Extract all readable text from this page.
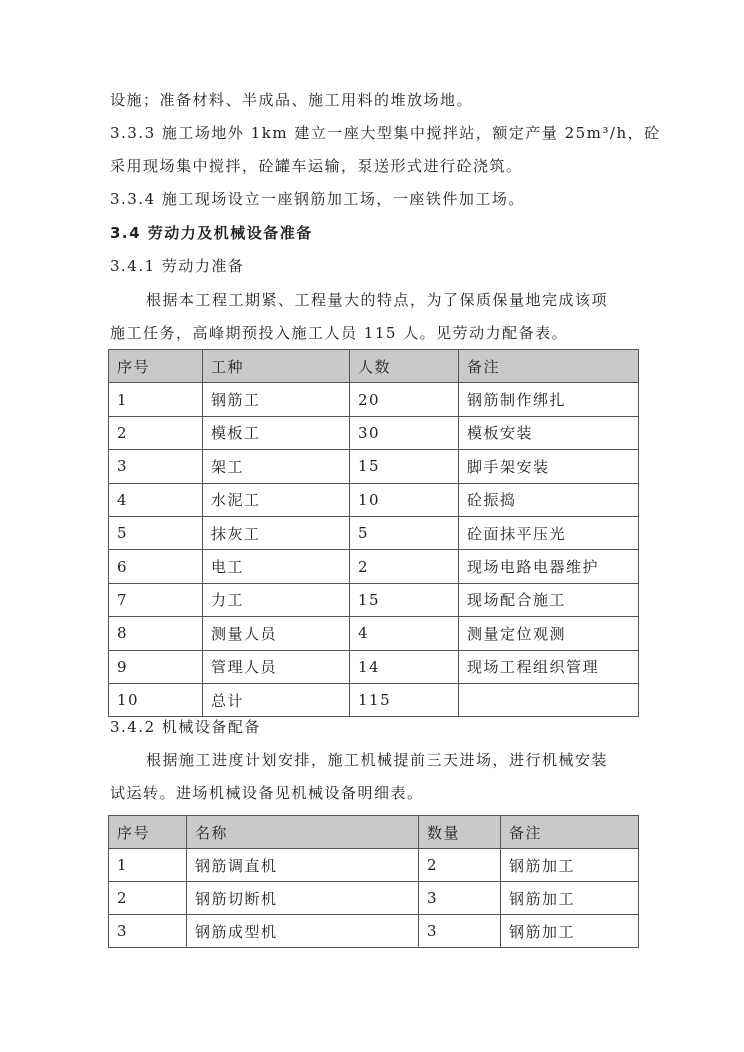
设施；准备材料、半成品、施工用料的堆放场地。
3.3.3 施工场地外 1km 建立一座大型集中搅拌站，额定产量 25m³/h，砼
采用现场集中搅拌，砼罐车运输，泵送形式进行砼浇筑。
3.3.4 施工现场设立一座钢筋加工场，一座铁件加工场。
3.4 劳动力及机械设备准备
3.4.1 劳动力准备
根据本工程工期紧、工程量大的特点，为了保质保量地完成该项
施工任务，高峰期预投入施工人员 115 人。见劳动力配备表。
序号	工种	人数	备注
1	钢筋工	20	钢筋制作绑扎
2	模板工	30	模板安装
3	架工	15	脚手架安装
4	水泥工	10	砼振捣
5	抹灰工	5	砼面抹平压光
6	电工	2	现场电路电器维护
7	力工	15	现场配合施工
8	测量人员	4	测量定位观测
9	管理人员	14	现场工程组织管理
10	总计	115	
3.4.2 机械设备配备
根据施工进度计划安排，施工机械提前三天进场，进行机械安装
试运转。进场机械设备见机械设备明细表。
序号	名称	数量	备注
1	钢筋调直机	2	钢筋加工
2	钢筋切断机	3	钢筋加工
3	钢筋成型机	3	钢筋加工
